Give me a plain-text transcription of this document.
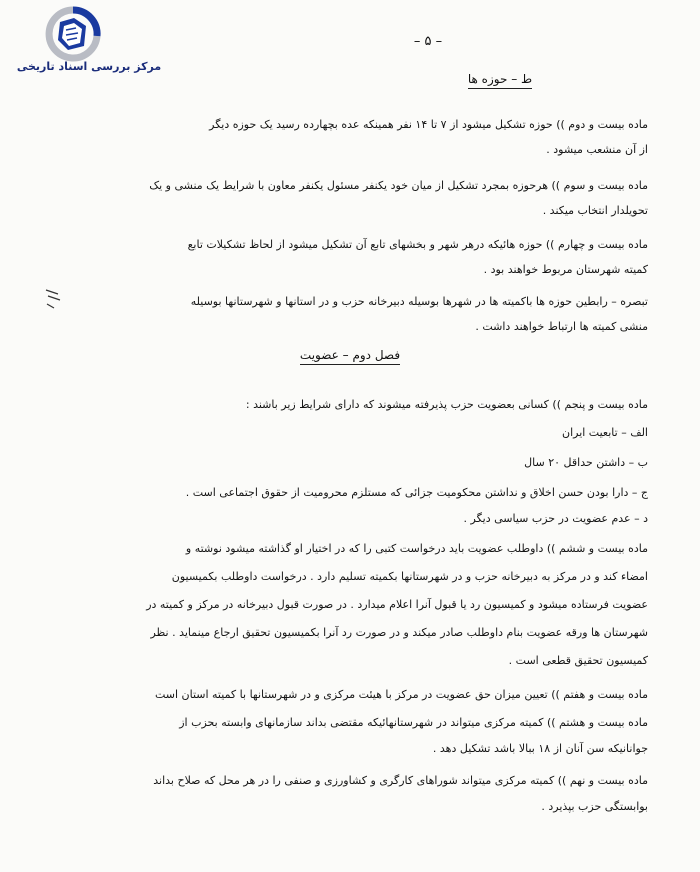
مرکز بررسی اسناد تاریخی
– ۵ –
ط – حوزه ها
ماده بیست و دوم )) حوزه تشکیل میشود از ۷ تا ۱۴ نفر همینکه عده بچهارده رسید یک حوزه دیگر
از آن منشعب میشود .
ماده بیست و سوم )) هرحوزه بمجرد تشکیل از میان خود یکنفر مسئول یکنفر معاون با شرایط یک منشی و یک
تحویلدار انتخاب میکند .
ماده بیست و چهارم )) حوزه هائیکه درهر شهر و بخشهای تابع آن تشکیل میشود از لحاظ تشکیلات تابع
کمیته شهرستان مربوط خواهند بود .
تبصره – رابطین حوزه ها باکمیته ها در شهرها بوسیله دبیرخانه حزب و در استانها و شهرستانها بوسیله
منشی کمیته ها ارتباط خواهند داشت .
فصل دوم – عضویت
ماده بیست و پنجم )) کسانی بعضویت حزب پذیرفته میشوند که دارای شرایط زیر باشند :
الف – تابعیت ایران
ب – داشتن حداقل ۲۰ سال
ج – دارا بودن حسن اخلاق و نداشتن محکومیت جزائی که مستلزم محرومیت از حقوق اجتماعی است .
د – عدم عضویت در حزب سیاسی دیگر .
ماده بیست و ششم )) داوطلب عضویت باید درخواست کتبی را که در اختیار او گذاشته میشود نوشته و
امضاء کند و در مرکز به دبیرخانه حزب و در شهرستانها بکمیته تسلیم دارد . درخواست داوطلب بکمیسیون
عضویت فرستاده میشود و کمیسیون رد یا قبول آنرا اعلام میدارد . در صورت قبول دبیرخانه در مرکز و کمیته در
شهرستان ها ورقه عضویت بنام داوطلب صادر میکند و در صورت رد آنرا بکمیسیون تحقیق ارجاع مینماید . نظر
کمیسیون تحقیق قطعی است .
ماده بیست و هفتم )) تعیین میزان حق عضویت در مرکز با هیئت مرکزی و در شهرستانها با کمیته استان است
ماده بیست و هشتم )) کمیته مرکزی میتواند در شهرستانهائیکه مقتضی بداند سازمانهای وابسته بحزب از
جوانانیکه سن آنان از ۱۸ ببالا باشد تشکیل دهد .
ماده بیست و نهم )) کمیته مرکزی میتواند شوراهای کارگری و کشاورزی و صنفی را در هر محل که صلاح بداند
بوابستگی حزب بپذیرد .
